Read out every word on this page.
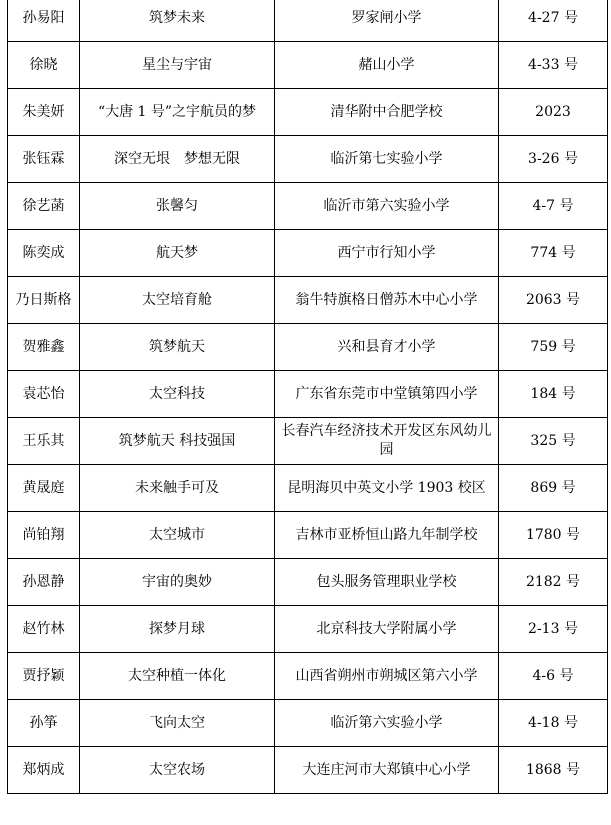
孙易阳	筑梦未来	罗家闸小学	4-27 号
徐晓	星尘与宇宙	赭山小学	4-33 号
朱美妍	“大唐 1 号”之宇航员的梦	清华附中合肥学校	2023
张钰霖	深空无垠　梦想无限	临沂第七实验小学	3-26 号
徐艺菡	张馨匀	临沂市第六实验小学	4-7 号
陈奕成	航天梦	西宁市行知小学	774 号
乃日斯格	太空培育舱	翁牛特旗格日僧苏木中心小学	2063 号
贺雅鑫	筑梦航天	兴和县育才小学	759 号
袁芯怡	太空科技	广东省东莞市中堂镇第四小学	184 号
王乐其	筑梦航天 科技强国	长春汽车经济技术开发区东风幼儿园	325 号
黄晟庭	未来触手可及	昆明海贝中英文小学 1903 校区	869 号
尚铂翔	太空城市	吉林市亚桥恒山路九年制学校	1780 号
孙恩静	宇宙的奥妙	包头服务管理职业学校	2182 号
赵竹林	探梦月球	北京科技大学附属小学	2-13 号
贾抒颖	太空种植一体化	山西省朔州市朔城区第六小学	4-6 号
孙筝	飞向太空	临沂第六实验小学	4-18 号
郑炳成	太空农场	大连庄河市大郑镇中心小学	1868 号
